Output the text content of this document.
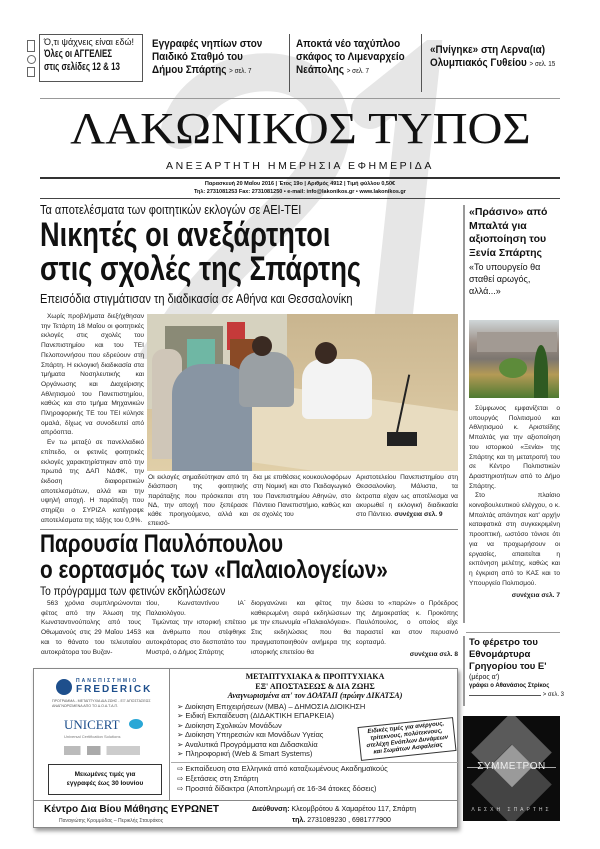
Ό,τι ψάχνεις είναι εδώ!
Όλες οι ΑΓΓΕΛΙΕΣ
στις σελίδες 12 & 13
Εγγραφές νηπίων στον Παιδικό Σταθμό του Δήμου Σπάρτης > σελ. 7
Αποκτά νέο ταχύπλοο σκάφος το Λιμεναρχείο Νεάπολης > σελ. 7
«Πνίγηκε» στη Λερνα(ια) Ολυμπιακός Γυθείου > σελ. 15
ΛΑΚΩΝΙΚΟΣ ΤΥΠΟΣ
ΑΝΕΞΑΡΤΗΤΗ ΗΜΕΡΗΣΙΑ ΕΦΗΜΕΡΙΔΑ
Παρασκευή 20 Μαΐου 2016 | Έτος 19ο | Αριθμός 4912 | Τιμή φύλλου 0,50€
Τηλ: 2731081253 Fax: 2731081250 • e-mail: info@lakonikos.gr • www.lakonikos.gr
Τα αποτελέσματα των φοιτητικών εκλογών σε ΑΕΙ-ΤΕΙ
Νικητές οι ανεξάρτητοι
στις σχολές της Σπάρτης
Επεισόδια στιγμάτισαν τη διαδικασία σε Αθήνα και Θεσσαλονίκη

Χωρίς προβλήματα διεξήχθησαν την Τετάρτη 18 Μαΐου οι φοιτητικές εκλογές στις σχολές του Πανεπιστημίου και του ΤΕΙ Πελοποννήσου που εδρεύουν στη Σπάρτη. Η εκλογική διαδικασία στα τμήματα Νοσηλευτικής και Οργάνωσης και Διαχείρισης Αθλητισμού του Πανεπιστημίου, καθώς και στο τμήμα Μηχανικών Πληροφορικής ΤΕ του ΤΕΙ κύλησε ομαλά, δίχως να συνοδευτεί από απρόοπτα.

Εν τω μεταξύ σε πανελλαδικό επίπεδο, οι φετινές φοιτητικές εκλογές χαρακτηρίστηκαν από την πρωτιά της ΔΑΠ ΝΔΦΚ, την έκδοση διαφορετικών αποτελεσμάτων, αλλά και την υψηλή αποχή. Η παράταξη που στηρίζει ο ΣΥΡΙΖΑ κατέγραψε αποτελέσματα της τάξης του 0,9%.

Οι εκλογές σημαδεύτηκαν από τη διάσπαση της φοιτητικής παράταξης που πρόσκειται στη ΝΔ, την αποχή που ξεπέρασε κάθε προηγούμενο, αλλά και επεισό-
δια με επιθέσεις κουκουλοφόρων στη Νομική και στο Παιδαγωγικό του Πανεπιστημίου Αθηνών, στο Πάντειο Πανεπιστήμιο, καθώς και σε σχολές του
Αριστοτελείου Πανεπιστημίου στη Θεσσαλονίκη. Μάλιστα, τα έκτροπα είχαν ως αποτέλεσμα να ακυρωθεί η εκλογική διαδικασία στο Πάντειο. συνέχεια σελ. 9
Παρουσία Παυλόπουλου
ο εορτασμός των «Παλαιολογείων»
Το πρόγραμμα των φετινών εκδηλώσεων

563 χρόνια συμπληρώνονται φέτος από την Άλωση της Κωνσταντινούπολης από τους Οθωμανούς στις 29 Μαΐου 1453 και το θάνατο του τελευταίου αυτοκράτορα του Βυζαν-

τίου, Κωνσταντίνου ΙΑ΄ Παλαιολόγου.

Τιμώντας την ιστορική επέτειο και άνθρωπο που στέφθηκε αυτοκράτορας στο δεσποτάτο του Μυστρά, ο Δήμος Σπάρτης

διοργανώνει και φέτος την καθιερωμένη σειρά εκδηλώσεων με την επωνυμία «Παλαιολόγεια». Στις εκδηλώσεις που θα πραγματοποιηθούν ανήμερα της ιστορικής επετείου θα
δώσει το «παρών» ο Πρόεδρος της Δημοκρατίας κ. Προκόπης Παυλόπουλος, ο οποίος είχε παραστεί και στον περυσινό εορτασμό.
συνέχεια σελ. 8
ΠΑΝΕΠΙΣΤΗΜΙΟ
FREDERICK
ΠΡΟΓΡΑΜΜΑ - ΜΕΤΑΠΤΥΧΙΑ ΔΙΑ ΖΩΗΣ - ΕΞ' ΑΠΟΣΤΑΣΕΩΣ ΑΝΑΓΝΩΡΙΣΜΕΝΑ ΑΠΟ ΤΟ Δ.Ο.Α.Τ.Α.Π.
UNICERT
Universal Certification Solutions
Μειωμένες τιμές για
εγγραφές έως 30 Ιουνίου
ΜΕΤΑΠΤΥΧΙΑΚΑ & ΠΡΟΠΤΥΧΙΑΚΑ
ΕΞ' ΑΠΟΣΤΑΣΕΩΣ & ΔΙΑ ΖΩΗΣ
Αναγνωρισμένα απ' τον ΔΟΑΤΑΠ (πρώην ΔΙΚΑΤΣΑ)
➢ Διοίκηση Επιχειρήσεων (MBA) – ΔΗΜΟΣΙΑ ΔΙΟΙΚΗΣΗ
➢ Ειδική Εκπαίδευση (ΔΙΔΑΚΤΙΚΗ ΕΠΑΡΚΕΙΑ)
➢ Διοίκηση Σχολικών Μονάδων
➢ Διοίκηση Υπηρεσιών και Μονάδων Υγείας
➢ Αναλυτικά Προγράμματα και Διδασκαλία
➢ Πληροφορική (Web & Smart Systems)
Ειδικές τιμές για ανέργους, τρίτεκνους, πολύτεκνους, στελέχη Ενόπλων Δυνάμεων και Σωμάτων Ασφαλείας
⇨ Εκπαίδευση στα Ελληνικά από καταξιωμένους Ακαδημαϊκούς
⇨ Εξετάσεις στη Σπάρτη
⇨ Προσιτά δίδακτρα (Αποπληρωμή σε 16-34 άτοκες δόσεις)
Κέντρο Δια Βίου Μάθησης ΕΥΡΩΝΕΤ
Παναγιώτης Κρομμύδας – Περικλής Σταυράκος
Διεύθυνση: Κλεομβρότου & Χαμαρέτου 117, Σπάρτη
τηλ. 2731089230 , 6981777900
«Πράσινο» από Μπαλτά για αξιοποίηση του Ξενία Σπάρτης
«Το υπουργείο θα σταθεί αρωγός, αλλά...»

Σύμφωνος εμφανίζεται ο υπουργός Πολιτισμού και Αθλητισμού κ. Αριστείδης Μπαλτάς για την αξιοποίηση του ιστορικού «Ξενία» της Σπάρτης και τη μετατροπή του σε Κέντρο Πολιτιστικών Δραστηριοτήτων από το Δήμο Σπάρτης.

Στο πλαίσιο κοινοβουλευτικού ελέγχου, ο κ. Μπαλτάς απάντησε κατ' αρχήν καταφατικά στη συγκεκριμένη προοπτική, ωστόσο τόνισε ότι για να προχωρήσουν οι εργασίες, απαιτείται η εκπόνηση μελέτης, καθώς και η έγκριση από το ΚΑΣ και το Υπουργείο Πολιτισμού.

συνέχεια σελ. 7
Το φέρετρο του Εθνομάρτυρα Γρηγορίου του Ε'
(μέρος α')
γράφει ο Αθανάσιος Στρίκος
> σελ. 3
ΣΥΜΜΕΤΡΟΝ
ΛΕΣΧΗ ΣΠΑΡΤΗΣ
